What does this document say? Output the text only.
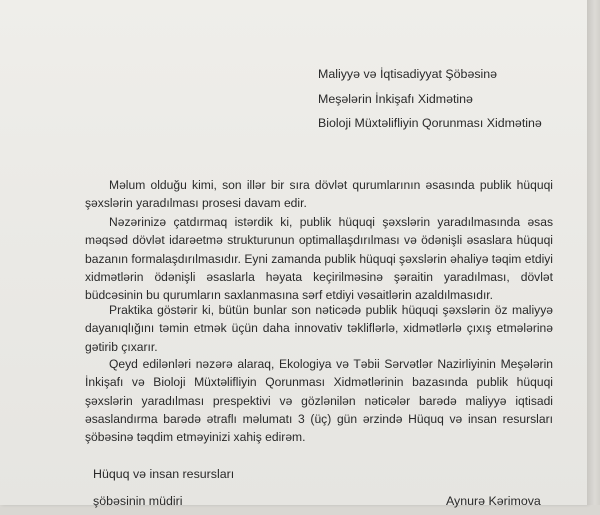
Maliyyə və İqtisadiyyat Şöbəsinə
Meşələrin İnkişafı Xidmətinə
Bioloji Müxtəlifliyin Qorunması Xidmətinə
Məlum olduğu kimi, son illər bir sıra dövlət qurumlarının əsasında publik hüquqi şəxslərin yaradılması prosesi davam edir.
Nəzərinizə çatdırmaq istərdik ki, publik hüquqi şəxslərin yaradılmasında əsas məqsəd dövlət idarəetmə strukturunun optimallaşdırılması və ödənişli əsaslara hüquqi bazanın formalaşdırılmasıdır. Eyni zamanda publik hüquqi şəxslərin əhaliyə təqim etdiyi xidmətlərin ödənişli əsaslarla həyata keçirilməsinə şəraitin yaradılması, dövlət büdcəsinin bu qurumların saxlanmasına sərf etdiyi vəsaitlərin azaldılmasıdır.
Praktika göstərir ki, bütün bunlar son nəticədə publik hüquqi şəxslərin öz maliyyə dayanıqlığını təmin etmək üçün daha innovativ təkliflərlə, xidmətlərlə çıxış etmələrinə gətirib çıxarır.
Qeyd edilənləri nəzərə alaraq, Ekologiya və Təbii Sərvətlər Nazirliyinin Meşələrin İnkişafı və Bioloji Müxtəlifliyin Qorunması Xidmətlərinin bazasında publik hüquqi şəxslərin yaradılması prespektivi və gözlənilən nəticələr barədə maliyyə iqtisadi əsaslandırma barədə ətraflı məlumatı 3 (üç) gün ərzində Hüquq və insan resursları şöbəsinə təqdim etməyinizi xahiş edirəm.
Hüquq və insan resursları
şöbəsinin müdiri	Aynurə Kərimova
